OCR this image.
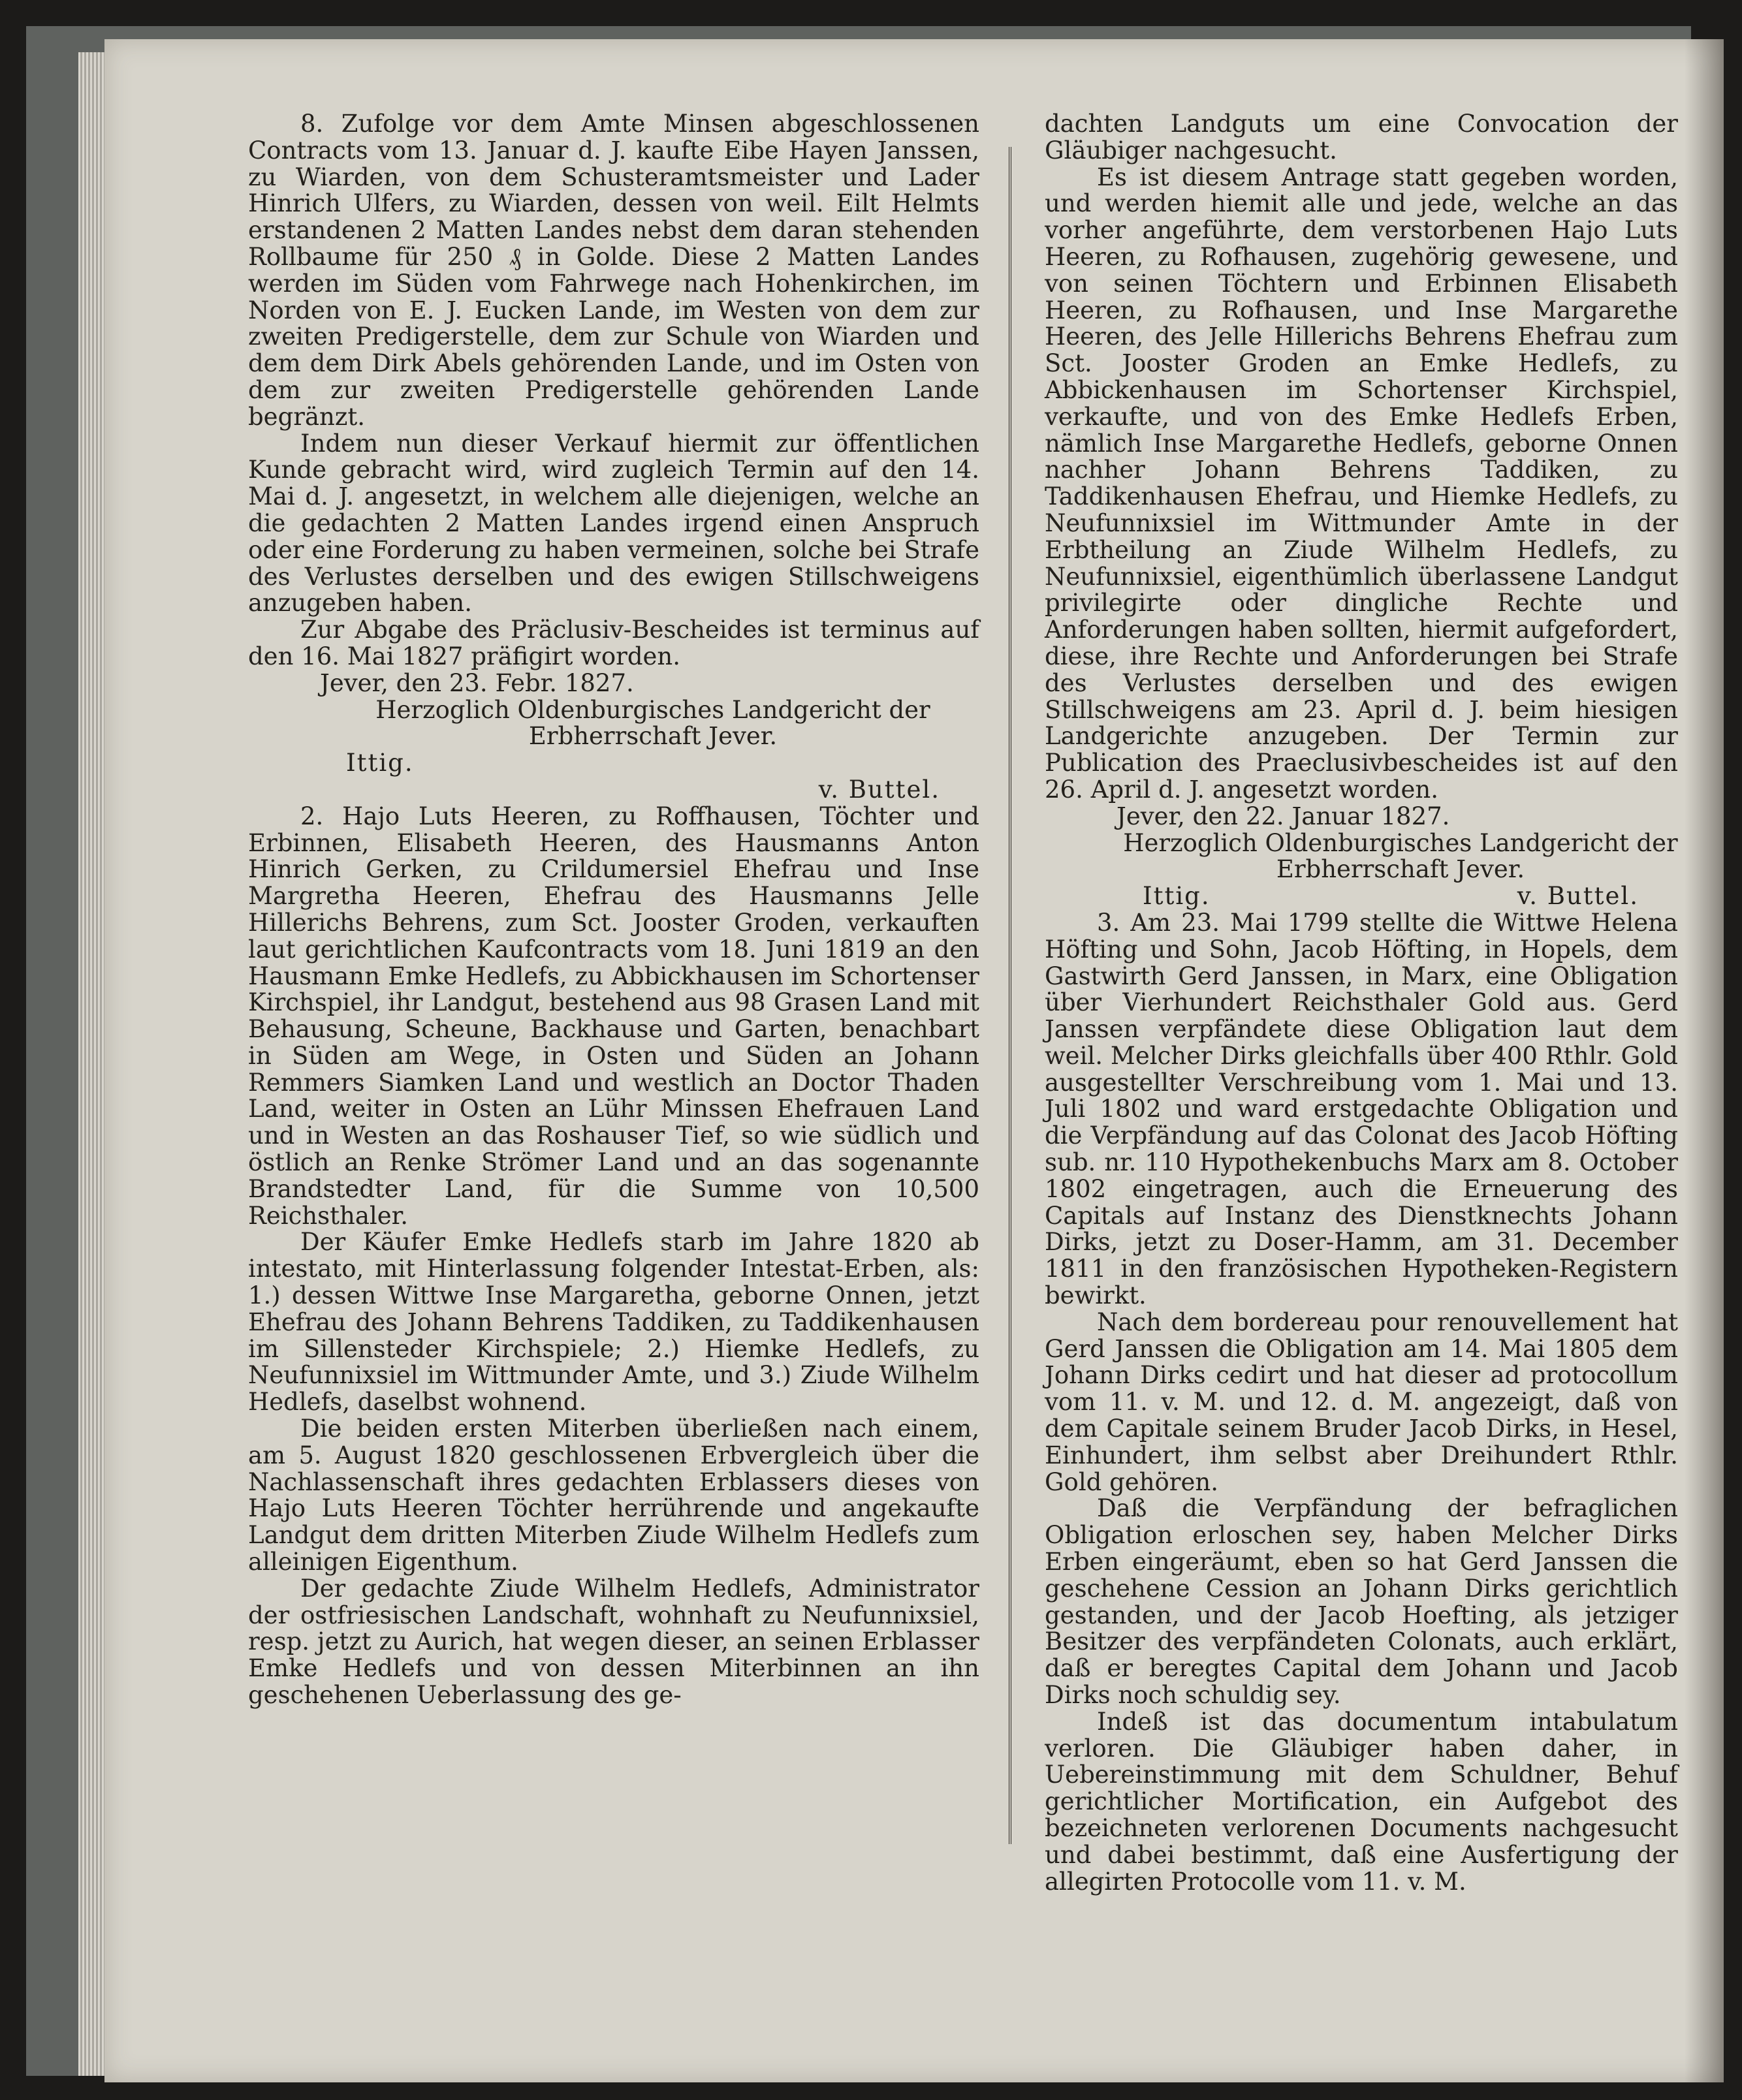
8. Zufolge vor dem Amte Minsen abgeschlossenen Contracts vom 13. Januar d. J. kaufte Eibe Hayen Janssen, zu Wiarden, von dem Schusteramtsmeister und Lader Hinrich Ulfers, zu Wiarden, dessen von weil. Eilt Helmts erstandenen 2 Matten Landes nebst dem daran stehenden Rollbaume für 250 ₰ in Golde. Diese 2 Matten Landes werden im Süden vom Fahrwege nach Hohenkirchen, im Norden von E. J. Eucken Lande, im Westen von dem zur zweiten Predigerstelle, dem zur Schule von Wiarden und dem dem Dirk Abels gehörenden Lande, und im Osten von dem zur zweiten Predigerstelle gehörenden Lande begränzt.

Indem nun dieser Verkauf hiermit zur öffentlichen Kunde gebracht wird, wird zugleich Termin auf den 14. Mai d. J. angesetzt, in welchem alle diejenigen, welche an die gedachten 2 Matten Landes irgend einen Anspruch oder eine Forderung zu haben vermeinen, solche bei Strafe des Verlustes derselben und des ewigen Stillschweigens anzugeben haben.

Zur Abgabe des Präclusiv-Bescheides ist terminus auf den 16. Mai 1827 präfigirt worden.

Jever, den 23. Febr. 1827.

Herzoglich Oldenburgisches Landgericht der Erbherrschaft Jever.

Ittig.
v. Buttel.

2. Hajo Luts Heeren, zu Roffhausen, Töchter und Erbinnen, Elisabeth Heeren, des Hausmanns Anton Hinrich Gerken, zu Crildumersiel Ehefrau und Inse Margretha Heeren, Ehefrau des Hausmanns Jelle Hillerichs Behrens, zum Sct. Jooster Groden, verkauften laut gerichtlichen Kaufcontracts vom 18. Juni 1819 an den Hausmann Emke Hedlefs, zu Abbickhausen im Schortenser Kirchspiel, ihr Landgut, bestehend aus 98 Grasen Land mit Behausung, Scheune, Backhause und Garten, benachbart in Süden am Wege, in Osten und Süden an Johann Remmers Siamken Land und westlich an Doctor Thaden Land, weiter in Osten an Lühr Minssen Ehefrauen Land und in Westen an das Roshauser Tief, so wie südlich und östlich an Renke Strömer Land und an das sogenannte Brandstedter Land, für die Summe von 10,500 Reichsthaler.

Der Käufer Emke Hedlefs starb im Jahre 1820 ab intestato, mit Hinterlassung folgender Intestat-Erben, als: 1.) dessen Wittwe Inse Margaretha, geborne Onnen, jetzt Ehefrau des Johann Behrens Taddiken, zu Taddikenhausen im Sillensteder Kirchspiele; 2.) Hiemke Hedlefs, zu Neufunnixsiel im Wittmunder Amte, und 3.) Ziude Wilhelm Hedlefs, daselbst wohnend.

Die beiden ersten Miterben überließen nach einem, am 5. August 1820 geschlossenen Erbvergleich über die Nachlassenschaft ihres gedachten Erblassers dieses von Hajo Luts Heeren Töchter herrührende und angekaufte Landgut dem dritten Miterben Ziude Wilhelm Hedlefs zum alleinigen Eigenthum.

Der gedachte Ziude Wilhelm Hedlefs, Administrator der ostfriesischen Landschaft, wohnhaft zu Neufunnixsiel, resp. jetzt zu Aurich, hat wegen dieser, an seinen Erblasser Emke Hedlefs und von dessen Miterbinnen an ihn geschehenen Ueberlassung des ge-

dachten Landguts um eine Convocation der Gläubiger nachgesucht.

Es ist diesem Antrage statt gegeben worden, und werden hiemit alle und jede, welche an das vorher angeführte, dem verstorbenen Hajo Luts Heeren, zu Rofhausen, zugehörig gewesene, und von seinen Töchtern und Erbinnen Elisabeth Heeren, zu Rofhausen, und Inse Margarethe Heeren, des Jelle Hillerichs Behrens Ehefrau zum Sct. Jooster Groden an Emke Hedlefs, zu Abbickenhausen im Schortenser Kirchspiel, verkaufte, und von des Emke Hedlefs Erben, nämlich Inse Margarethe Hedlefs, geborne Onnen nachher Johann Behrens Taddiken, zu Taddikenhausen Ehefrau, und Hiemke Hedlefs, zu Neufunnixsiel im Wittmunder Amte in der Erbtheilung an Ziude Wilhelm Hedlefs, zu Neufunnixsiel, eigenthümlich überlassene Landgut privilegirte oder dingliche Rechte und Anforderungen haben sollten, hiermit aufgefordert, diese, ihre Rechte und Anforderungen bei Strafe des Verlustes derselben und des ewigen Stillschweigens am 23. April d. J. beim hiesigen Landgerichte anzugeben. Der Termin zur Publication des Praeclusivbescheides ist auf den 26. April d. J. angesetzt worden.

Jever, den 22. Januar 1827.

Herzoglich Oldenburgisches Landgericht der Erbherrschaft Jever.

Ittig.	v. Buttel.

3. Am 23. Mai 1799 stellte die Wittwe Helena Höfting und Sohn, Jacob Höfting, in Hopels, dem Gastwirth Gerd Janssen, in Marx, eine Obligation über Vierhundert Reichsthaler Gold aus. Gerd Janssen verpfändete diese Obligation laut dem weil. Melcher Dirks gleichfalls über 400 Rthlr. Gold ausgestellter Verschreibung vom 1. Mai und 13. Juli 1802 und ward erstgedachte Obligation und die Verpfändung auf das Colonat des Jacob Höfting sub. nr. 110 Hypothekenbuchs Marx am 8. October 1802 eingetragen, auch die Erneuerung des Capitals auf Instanz des Dienstknechts Johann Dirks, jetzt zu Doser-Hamm, am 31. December 1811 in den französischen Hypotheken-Registern bewirkt.

Nach dem bordereau pour renouvellement hat Gerd Janssen die Obligation am 14. Mai 1805 dem Johann Dirks cedirt und hat dieser ad protocollum vom 11. v. M. und 12. d. M. angezeigt, daß von dem Capitale seinem Bruder Jacob Dirks, in Hesel, Einhundert, ihm selbst aber Dreihundert Rthlr. Gold gehören.

Daß die Verpfändung der befraglichen Obligation erloschen sey, haben Melcher Dirks Erben eingeräumt, eben so hat Gerd Janssen die geschehene Cession an Johann Dirks gerichtlich gestanden, und der Jacob Hoefting, als jetziger Besitzer des verpfändeten Colonats, auch erklärt, daß er beregtes Capital dem Johann und Jacob Dirks noch schuldig sey.

Indeß ist das documentum intabulatum verloren. Die Gläubiger haben daher, in Uebereinstimmung mit dem Schuldner, Behuf gerichtlicher Mortification, ein Aufgebot des bezeichneten verlorenen Documents nachgesucht und dabei bestimmt, daß eine Ausfertigung der allegirten Protocolle vom 11. v. M.
